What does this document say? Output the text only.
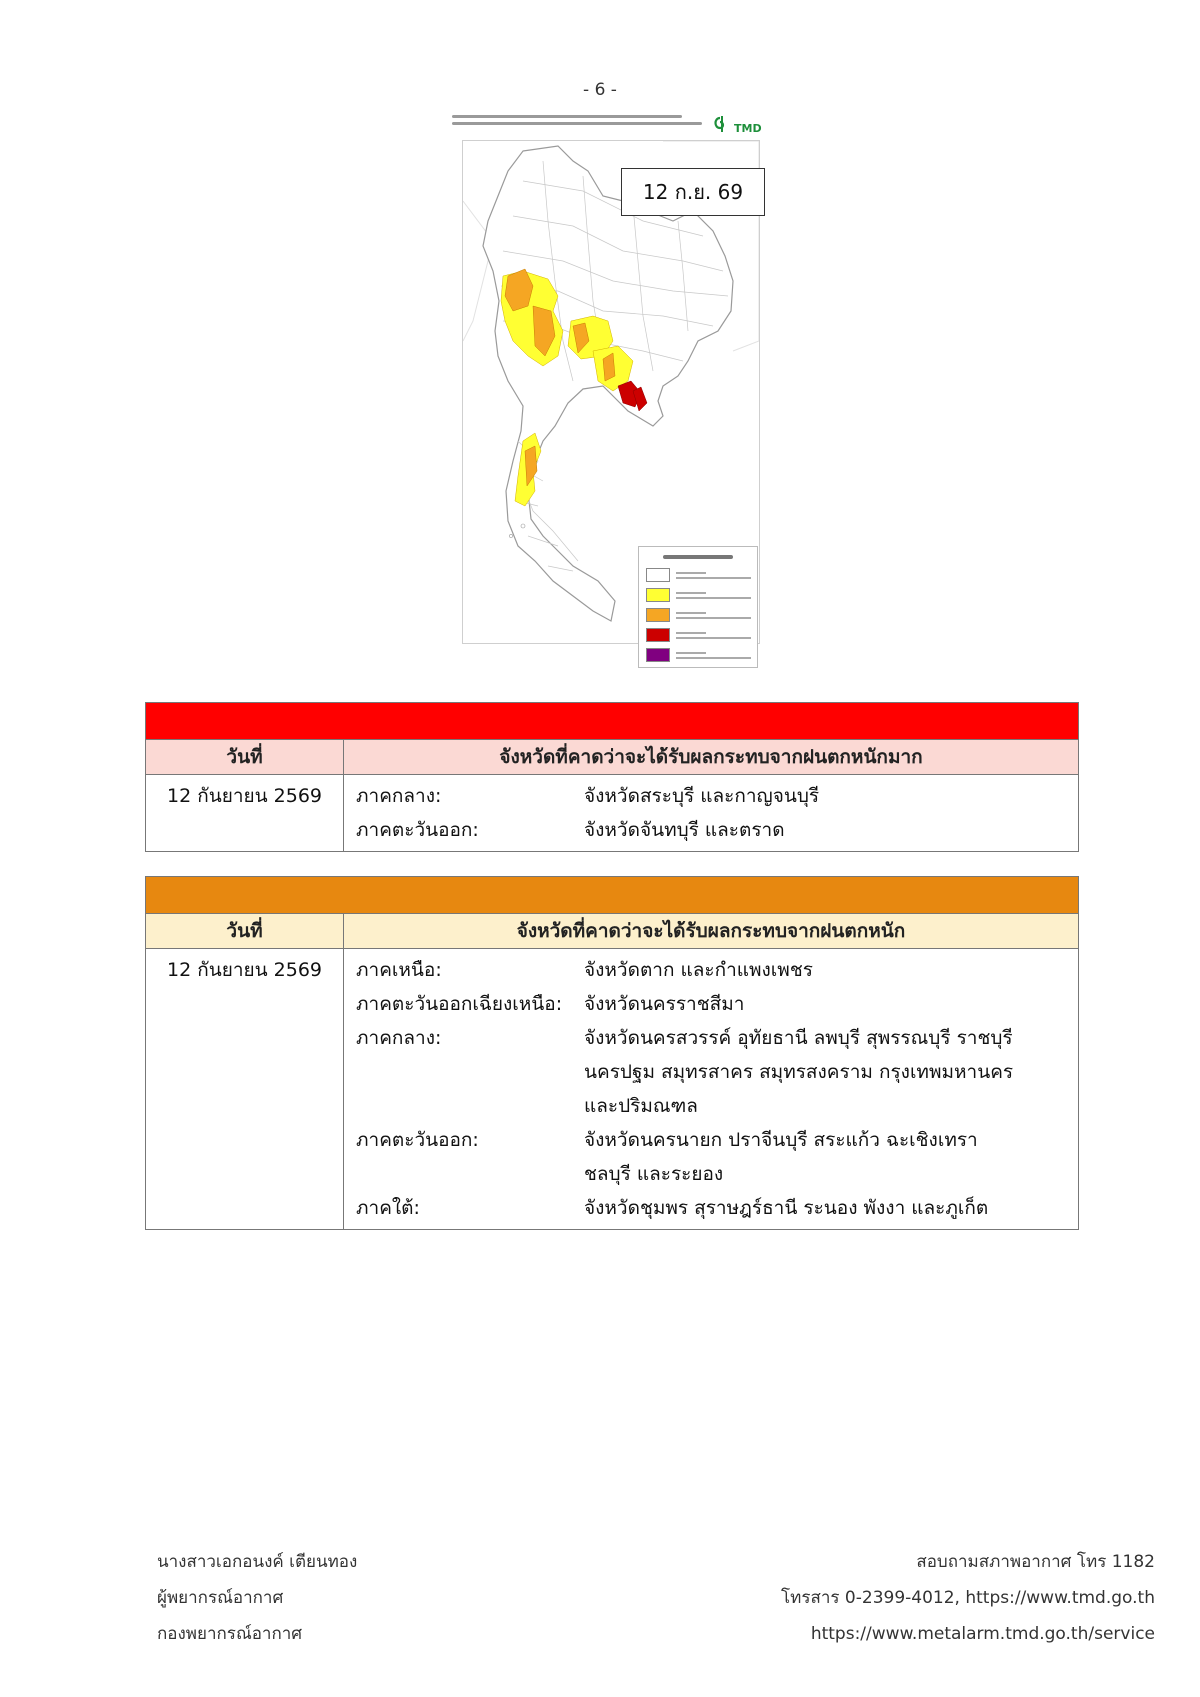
- 6 -
TMD
12 ก.ย. 69
วันที่	จังหวัดที่คาดว่าจะได้รับผลกระทบจากฝนตกหนักมาก
12 กันยายน 2569	ภาคกลาง:	จังหวัดสระบุรี และกาญจนบุรี
ภาคตะวันออก:	จังหวัดจันทบุรี และตราด
วันที่	จังหวัดที่คาดว่าจะได้รับผลกระทบจากฝนตกหนัก
12 กันยายน 2569	ภาคเหนือ:	จังหวัดตาก และกำแพงเพชร
ภาคตะวันออกเฉียงเหนือ:	จังหวัดนครราชสีมา
ภาคกลาง:	จังหวัดนครสวรรค์ อุทัยธานี ลพบุรี สุพรรณบุรี ราชบุรี
นครปฐม สมุทรสาคร สมุทรสงคราม กรุงเทพมหานคร
และปริมณฑล
ภาคตะวันออก:	จังหวัดนครนายก ปราจีนบุรี สระแก้ว ฉะเชิงเทรา
ชลบุรี และระยอง
ภาคใต้:	จังหวัดชุมพร สุราษฎร์ธานี ระนอง พังงา และภูเก็ต
นางสาวเอกอนงค์ เตียนทอง
ผู้พยากรณ์อากาศ
กองพยากรณ์อากาศ
สอบถามสภาพอากาศ โทร 1182
โทรสาร 0-2399-4012, https://www.tmd.go.th
https://www.metalarm.tmd.go.th/service
